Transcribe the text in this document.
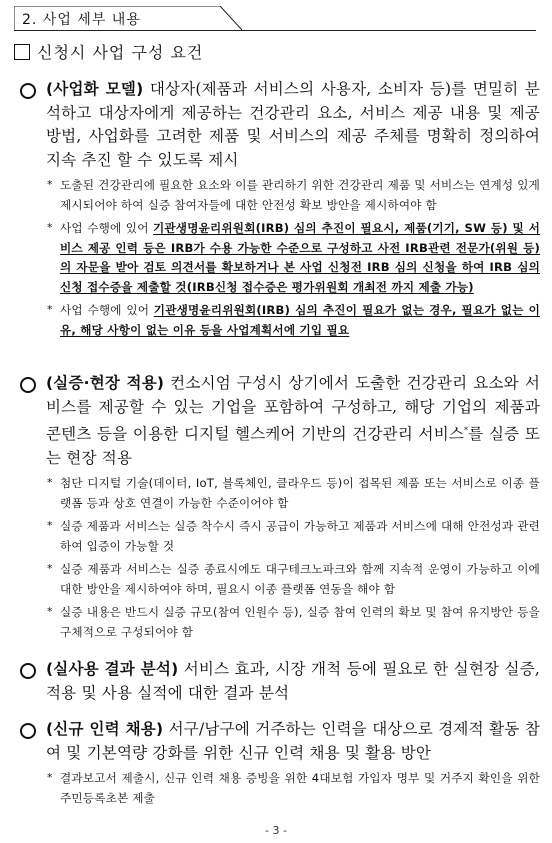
2. 사업 세부 내용
신청시 사업 구성 요건
(사업화 모델) 대상자(제품과 서비스의 사용자, 소비자 등)를 면밀히 분석하고 대상자에게 제공하는 건강관리 요소, 서비스 제공 내용 및 제공 방법, 사업화를 고려한 제품 및 서비스의 제공 주체를 명확히 정의하여 지속 추진 할 수 있도록 제시
* 도출된 건강관리에 필요한 요소와 이를 관리하기 위한 건강관리 제품 및 서비스는 연계성 있게 제시되어야 하여 실증 참여자들에 대한 안전성 확보 방안을 제시하여야 함
* 사업 수행에 있어 기관생명윤리위원회(IRB) 심의 추진이 필요시, 제품(기기, SW 등) 및 서비스 제공 인력 등은 IRB가 수용 가능한 수준으로 구성하고 사전 IRB관련 전문가(위원 등)의 자문을 받아 검토 의견서를 확보하거나 본 사업 신청전 IRB 심의 신청을 하여 IRB 심의신청 접수증을 제출할 것(IRB신청 접수증은 평가위원회 개최전 까지 제출 가능)
* 사업 수행에 있어 기관생명윤리위원회(IRB) 심의 추진이 필요가 없는 경우, 필요가 없는 이유, 해당 사항이 없는 이유 등을 사업계획서에 기입 필요
(실증·현장 적용) 컨소시엄 구성시 상기에서 도출한 건강관리 요소와 서비스를 제공할 수 있는 기업을 포함하여 구성하고, 해당 기업의 제품과 콘텐츠 등을 이용한 디지털 헬스케어 기반의 건강관리 서비스*를 실증 또는 현장 적용
* 첨단 디지털 기술(데이터, IoT, 블록체인, 클라우드 등)이 접목된 제품 또는 서비스로 이종 플랫폼 등과 상호 연결이 가능한 수준이어야 함
* 실증 제품과 서비스는 실증 착수시 즉시 공급이 가능하고 제품과 서비스에 대해 안전성과 관련하여 입증이 가능할 것
* 실증 제품과 서비스는 실증 종료시에도 대구테크노파크와 함께 지속적 운영이 가능하고 이에 대한 방안을 제시하여야 하며, 필요시 이종 플랫폼 연동을 해야 함
* 실증 내용은 반드시 실증 규모(참여 인원수 등), 실증 참여 인력의 확보 및 참여 유지방안 등을 구체적으로 구성되어야 함
(실사용 결과 분석) 서비스 효과, 시장 개척 등에 필요로 한 실현장 실증, 적용 및 사용 실적에 대한 결과 분석
(신규 인력 채용) 서구/남구에 거주하는 인력을 대상으로 경제적 활동 참여 및 기본역량 강화를 위한 신규 인력 채용 및 활용 방안
* 결과보고서 제출시, 신규 인력 채용 증빙을 위한 4대보험 가입자 명부 및 거주지 확인을 위한 주민등록초본 제출
- 3 -
